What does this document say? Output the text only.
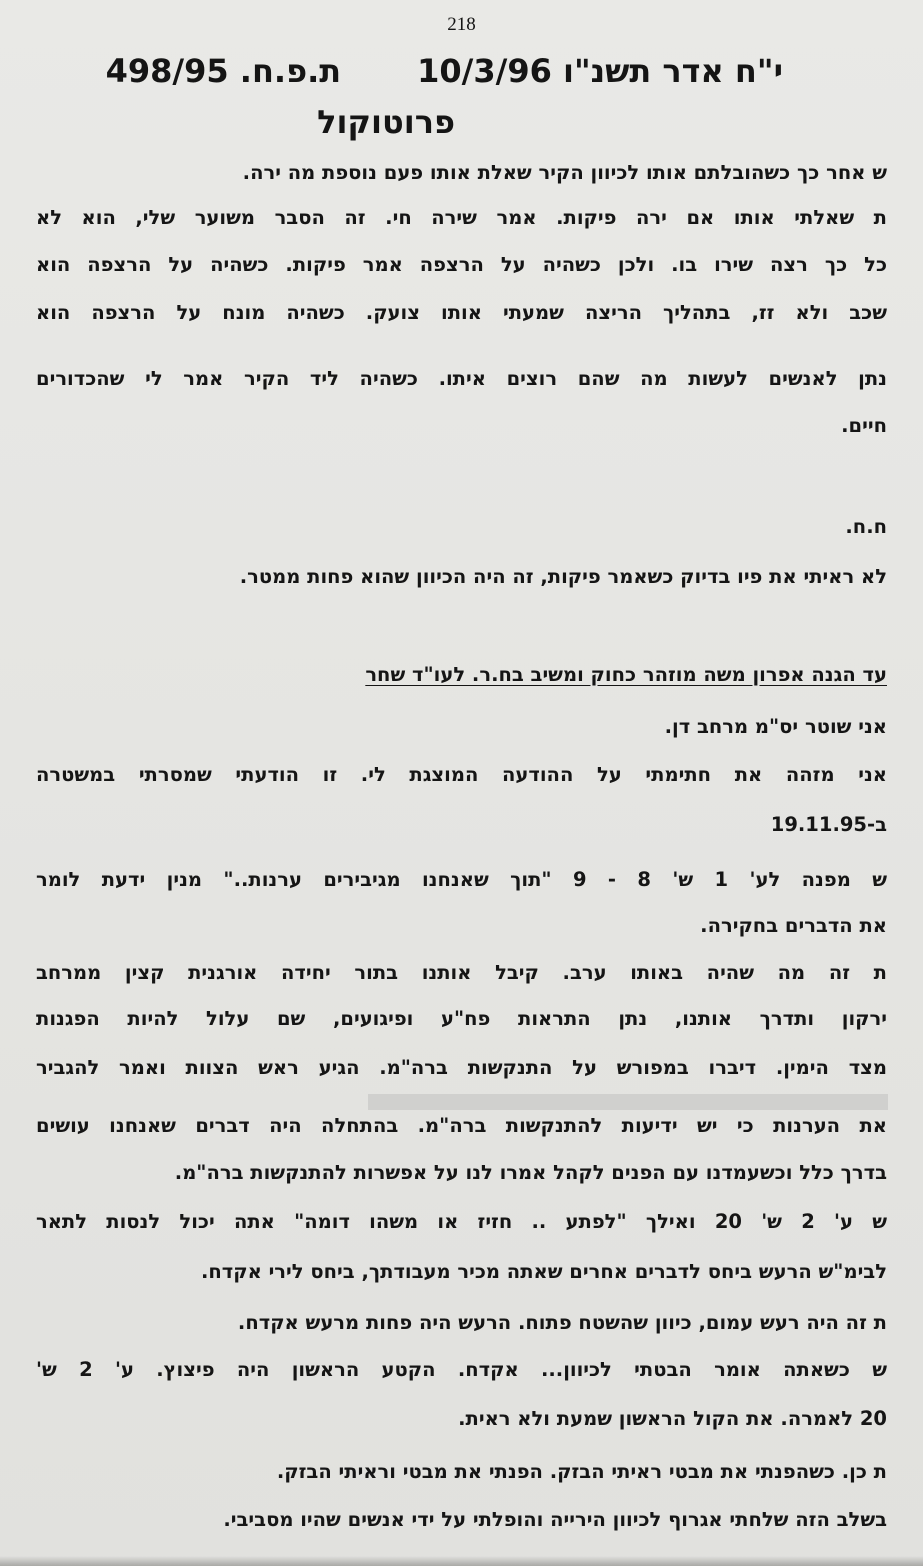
218
י"ח אדר תשנ"ו 10/3/96ת.פ.ח. 498/95
פרוטוקול
ש אחר כך כשהובלתם אותו לכיוון הקיר שאלת אותו פעם נוספת מה ירה.
ת שאלתי אותו אם ירה פיקות. אמר שירה חי. זה הסבר משוער שלי, הוא לא
כל כך רצה שירו בו. ולכן כשהיה על הרצפה אמר פיקות. כשהיה על הרצפה הוא
שכב ולא זז, בתהליך הריצה שמעתי אותו צועק. כשהיה מונח על הרצפה הוא
נתן לאנשים לעשות מה שהם רוצים איתו. כשהיה ליד הקיר אמר לי שהכדורים
חיים.
ח.ח.
לא ראיתי את פיו בדיוק כשאמר פיקות, זה היה הכיוון שהוא פחות ממטר.
עד הגנה אפרון משה מוזהר כחוק ומשיב בח.ר. לעו"ד שחר
אני שוטר יס"מ מרחב דן.
אני מזהה את חתימתי על ההודעה המוצגת לי. זו הודעתי שמסרתי במשטרה
ב-19.11.95
ש מפנה לע' 1 ש' 8 - 9 "תוך שאנחנו מגיבירים ערנות.." מנין ידעת לומר
את הדברים בחקירה.
ת זה מה שהיה באותו ערב. קיבל אותנו בתור יחידה אורגנית קצין ממרחב
ירקון ותדרך אותנו, נתן התראות פח"ע ופיגועים, שם עלול להיות הפגנות
מצד הימין. דיברו במפורש על התנקשות ברה"מ. הגיע ראש הצוות ואמר להגביר
את הערנות כי יש ידיעות להתנקשות ברה"מ. בהתחלה היה דברים שאנחנו עושים
בדרך כלל וכשעמדנו עם הפנים לקהל אמרו לנו על אפשרות להתנקשות ברה"מ.
ש ע' 2 ש' 20 ואילך "לפתע .. חזיז או משהו דומה" אתה יכול לנסות לתאר
לבימ"ש הרעש ביחס לדברים אחרים שאתה מכיר מעבודתך, ביחס לירי אקדח.
ת זה היה רעש עמום, כיוון שהשטח פתוח. הרעש היה פחות מרעש אקדח.
ש כשאתה אומר הבטתי לכיוון... אקדח. הקטע הראשון היה פיצוץ. ע' 2 ש'
20 לאמרה. את הקול הראשון שמעת ולא ראית.
ת כן. כשהפנתי את מבטי ראיתי הבזק. הפנתי את מבטי וראיתי הבזק.
בשלב הזה שלחתי אגרוף לכיוון הירייה והופלתי על ידי אנשים שהיו מסביבי.
